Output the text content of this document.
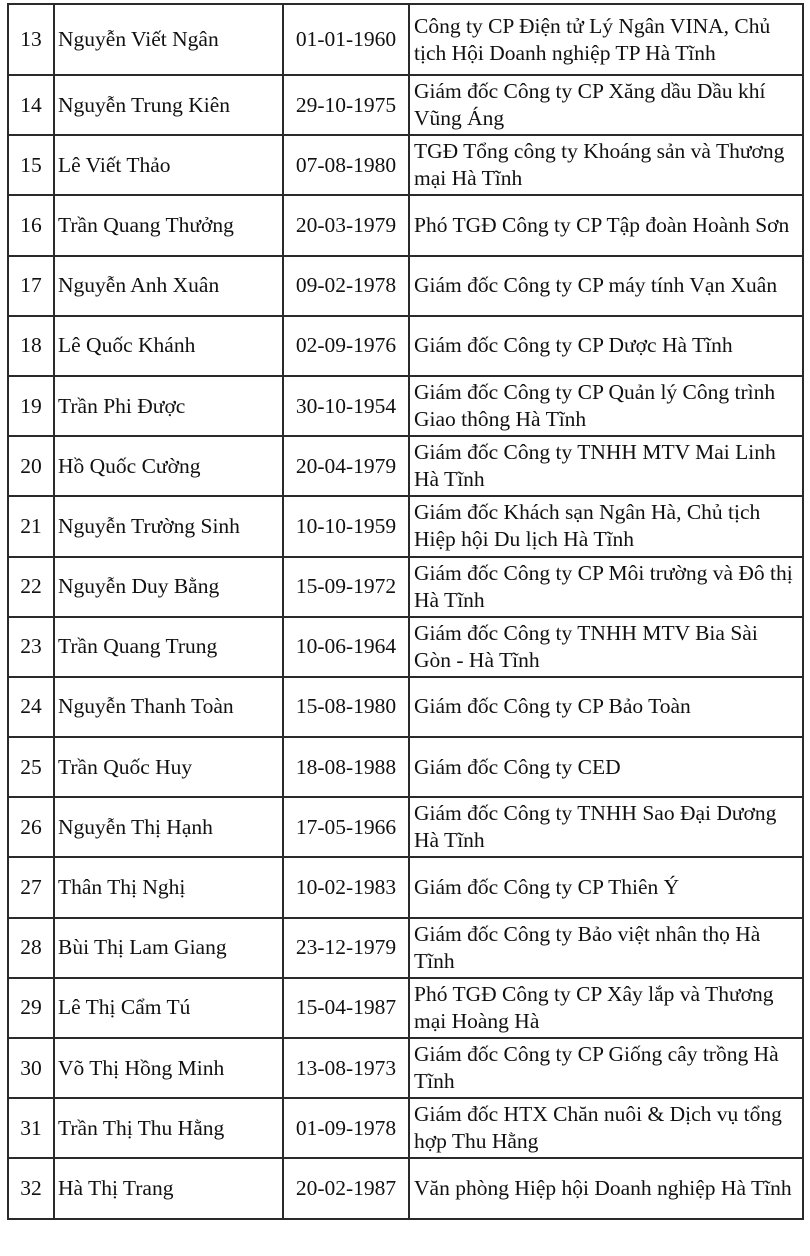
13	Nguyễn Viết Ngân	01-01-1960	Công ty CP Điện tử Lý Ngân VINA, Chủ tịch Hội Doanh nghiệp TP Hà Tĩnh
14	Nguyễn Trung Kiên	29-10-1975	Giám đốc Công ty CP Xăng dầu Dầu khí Vũng Áng
15	Lê Viết Thảo	07-08-1980	TGĐ Tổng công ty Khoáng sản và Thương mại Hà Tĩnh
16	Trần Quang Thưởng	20-03-1979	Phó TGĐ Công ty CP Tập đoàn Hoành Sơn
17	Nguyễn Anh Xuân	09-02-1978	Giám đốc Công ty CP máy tính Vạn Xuân
18	Lê Quốc Khánh	02-09-1976	Giám đốc Công ty CP Dược Hà Tĩnh
19	Trần Phi Được	30-10-1954	Giám đốc Công ty CP Quản lý Công trình Giao thông Hà Tĩnh
20	Hồ Quốc Cường	20-04-1979	Giám đốc Công ty TNHH MTV Mai Linh Hà Tĩnh
21	Nguyễn Trường Sinh	10-10-1959	Giám đốc Khách sạn Ngân Hà, Chủ tịch Hiệp hội Du lịch Hà Tĩnh
22	Nguyễn Duy Bằng	15-09-1972	Giám đốc Công ty CP Môi trường và Đô thị Hà Tĩnh
23	Trần Quang Trung	10-06-1964	Giám đốc Công ty TNHH MTV Bia Sài Gòn - Hà Tĩnh
24	Nguyễn Thanh Toàn	15-08-1980	Giám đốc Công ty CP Bảo Toàn
25	Trần Quốc Huy	18-08-1988	Giám đốc Công ty CED
26	Nguyễn Thị Hạnh	17-05-1966	Giám đốc Công ty TNHH Sao Đại Dương Hà Tĩnh
27	Thân Thị Nghị	10-02-1983	Giám đốc Công ty CP Thiên Ý
28	Bùi Thị Lam Giang	23-12-1979	Giám đốc Công ty Bảo việt nhân thọ Hà Tĩnh
29	Lê Thị Cẩm Tú	15-04-1987	Phó TGĐ Công ty CP Xây lắp và Thương mại Hoàng Hà
30	Võ Thị Hồng Minh	13-08-1973	Giám đốc Công ty CP Giống cây trồng Hà Tĩnh
31	Trần Thị Thu Hằng	01-09-1978	Giám đốc HTX Chăn nuôi & Dịch vụ tổng hợp Thu Hằng
32	Hà Thị Trang	20-02-1987	Văn phòng Hiệp hội Doanh nghiệp Hà Tĩnh
